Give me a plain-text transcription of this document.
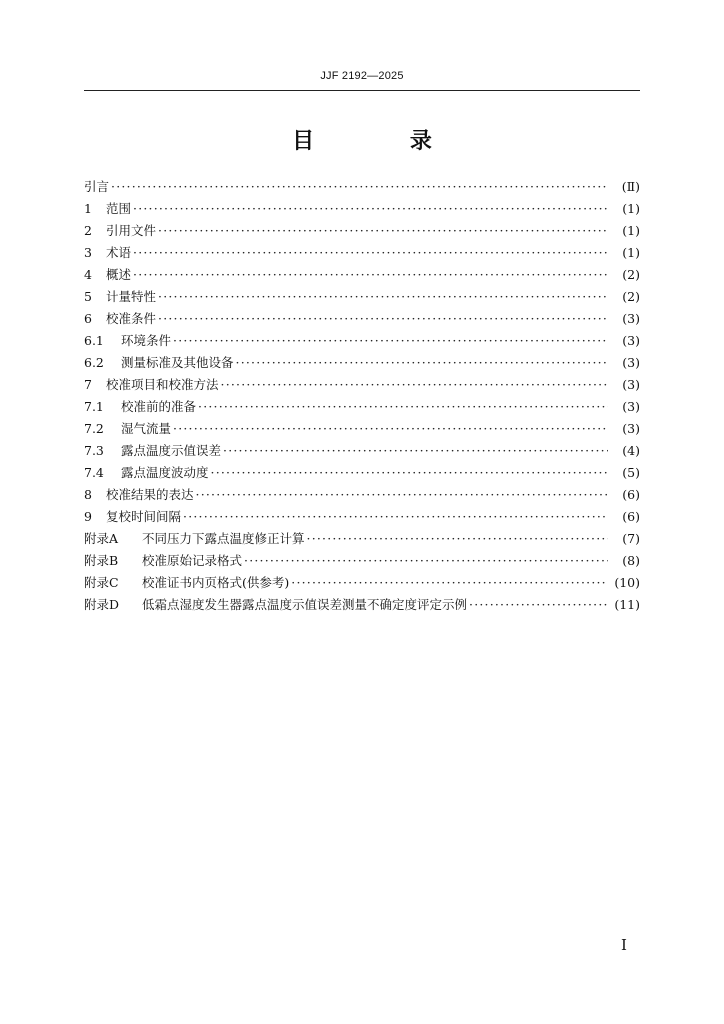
JJF 2192—2025
目 录
引言 ·····	(Ⅱ)
1	范围 ·····	(1)
2	引用文件 ·····	(1)
3	术语 ·····	(1)
4	概述 ·····	(2)
5	计量特性 ·····	(2)
6	校准条件 ·····	(3)
6.1	环境条件 ·····	(3)
6.2	测量标准及其他设备 ·····	(3)
7	校准项目和校准方法 ·····	(3)
7.1	校准前的准备 ·····	(3)
7.2	湿气流量 ·····	(3)
7.3	露点温度示值误差 ·····	(4)
7.4	露点温度波动度 ·····	(5)
8	校准结果的表达 ·····	(6)
9	复校时间间隔 ·····	(6)
附录A	不同压力下露点温度修正计算 ·····	(7)
附录B	校准原始记录格式 ·····	(8)
附录C	校准证书内页格式(供参考) ·····	(10)
附录D	低霜点湿度发生器露点温度示值误差测量不确定度评定示例 ·····	(11)
I
